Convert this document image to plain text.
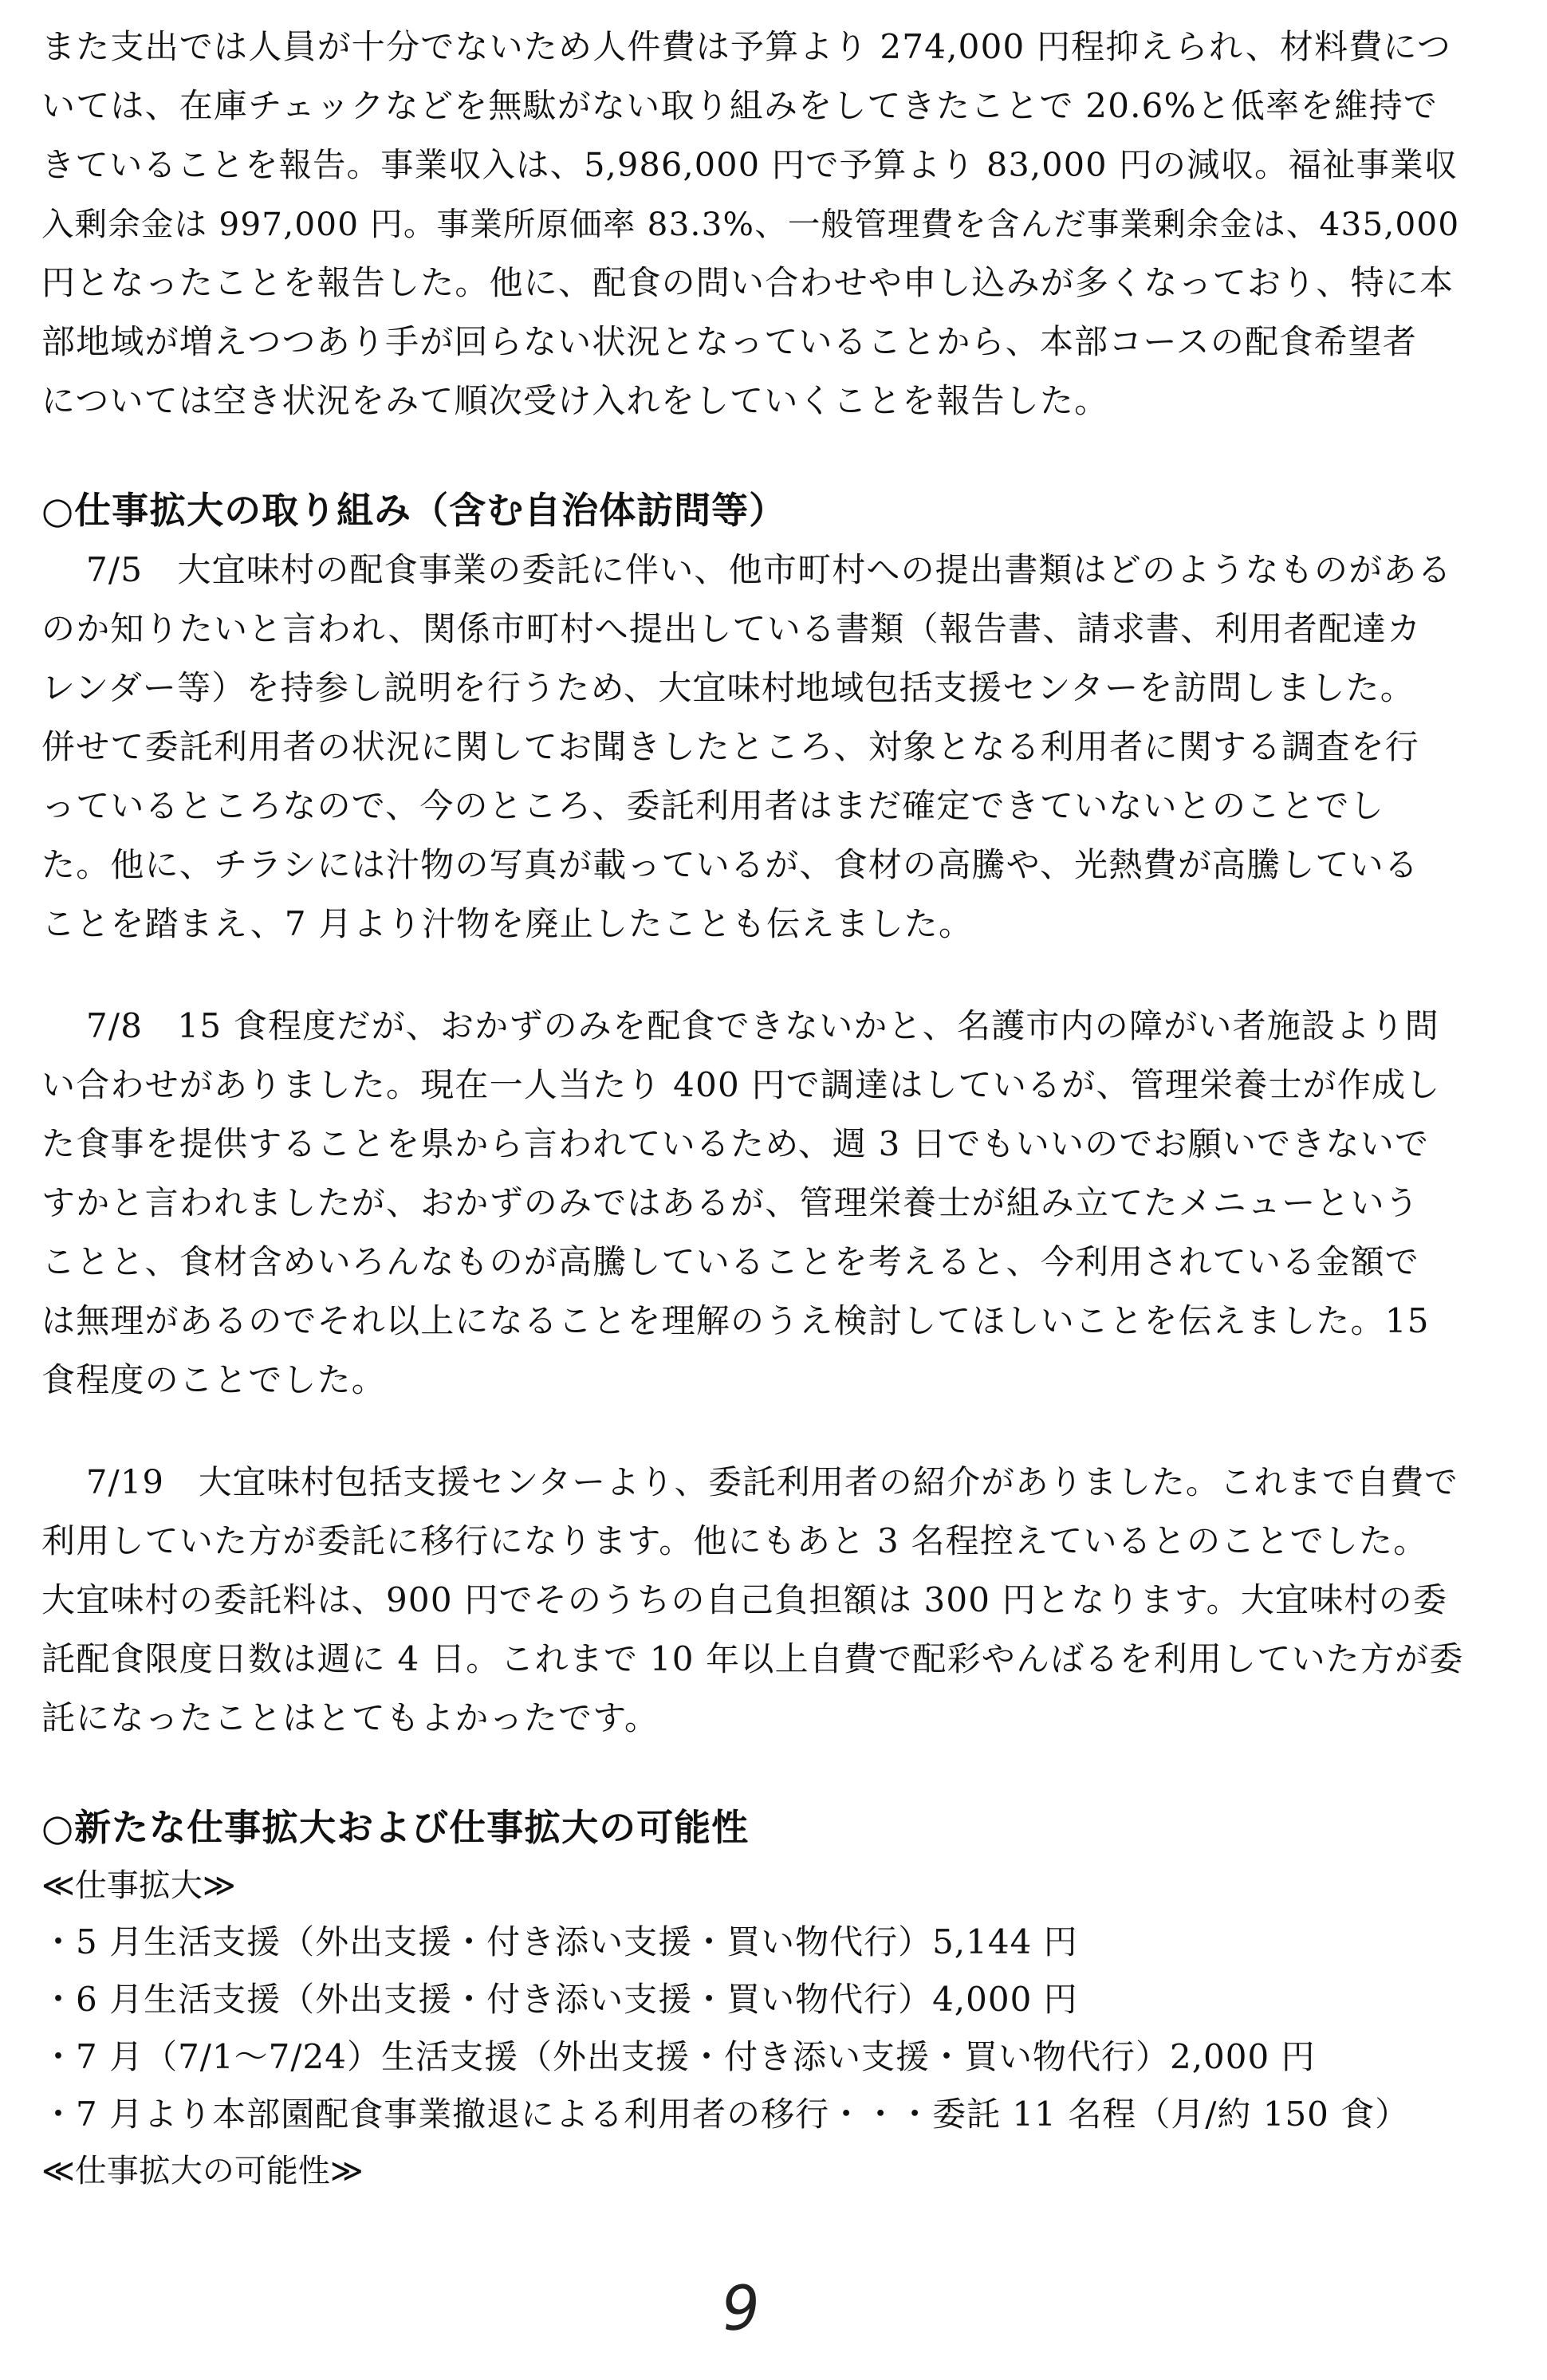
また支出では人員が十分でないため人件費は予算より 274,000 円程抑えられ、材料費につ
いては、在庫チェックなどを無駄がない取り組みをしてきたことで 20.6%と低率を維持で
きていることを報告。事業収入は、5,986,000 円で予算より 83,000 円の減収。福祉事業収
入剰余金は 997,000 円。事業所原価率 83.3%、一般管理費を含んだ事業剰余金は、435,000
円となったことを報告した。他に、配食の問い合わせや申し込みが多くなっており、特に本
部地域が増えつつあり手が回らない状況となっていることから、本部コースの配食希望者
については空き状況をみて順次受け入れをしていくことを報告した。
○仕事拡大の取り組み（含む自治体訪問等）
7/5　大宜味村の配食事業の委託に伴い、他市町村への提出書類はどのようなものがある
のか知りたいと言われ、関係市町村へ提出している書類（報告書、請求書、利用者配達カ
レンダー等）を持参し説明を行うため、大宜味村地域包括支援センターを訪問しました。
併せて委託利用者の状況に関してお聞きしたところ、対象となる利用者に関する調査を行
っているところなので、今のところ、委託利用者はまだ確定できていないとのことでし
た。他に、チラシには汁物の写真が載っているが、食材の高騰や、光熱費が高騰している
ことを踏まえ、7 月より汁物を廃止したことも伝えました。
7/8　15 食程度だが、おかずのみを配食できないかと、名護市内の障がい者施設より問
い合わせがありました。現在一人当たり 400 円で調達はしているが、管理栄養士が作成し
た食事を提供することを県から言われているため、週 3 日でもいいのでお願いできないで
すかと言われましたが、おかずのみではあるが、管理栄養士が組み立てたメニューという
ことと、食材含めいろんなものが高騰していることを考えると、今利用されている金額で
は無理があるのでそれ以上になることを理解のうえ検討してほしいことを伝えました。15
食程度のことでした。
7/19　大宜味村包括支援センターより、委託利用者の紹介がありました。これまで自費で
利用していた方が委託に移行になります。他にもあと 3 名程控えているとのことでした。
大宜味村の委託料は、900 円でそのうちの自己負担額は 300 円となります。大宜味村の委
託配食限度日数は週に 4 日。これまで 10 年以上自費で配彩やんばるを利用していた方が委
託になったことはとてもよかったです。
○新たな仕事拡大および仕事拡大の可能性

≪仕事拡大≫

・5 月生活支援（外出支援・付き添い支援・買い物代行）5,144 円

・6 月生活支援（外出支援・付き添い支援・買い物代行）4,000 円

・7 月（7/1～7/24）生活支援（外出支援・付き添い支援・買い物代行）2,000 円

・7 月より本部園配食事業撤退による利用者の移行・・・委託 11 名程（月/約 150 食）

≪仕事拡大の可能性≫

9
